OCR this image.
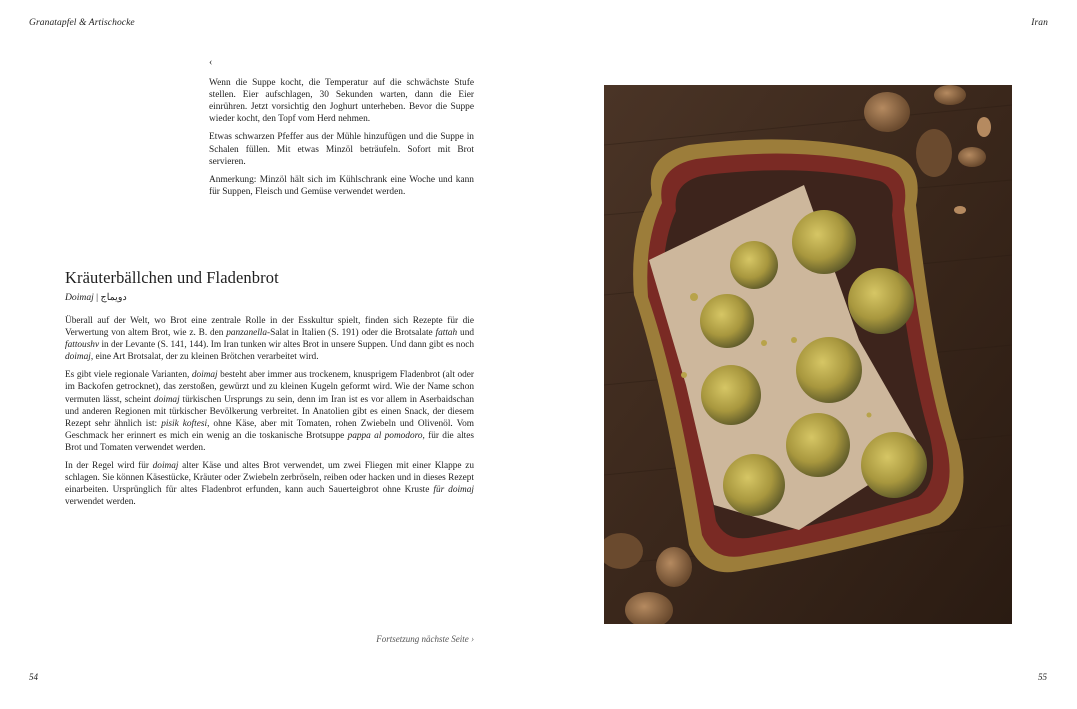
Granatapfel & Artischocke	Iran
‹

Wenn die Suppe kocht, die Temperatur auf die schwächste Stufe stellen. Eier aufschlagen, 30 Sekunden warten, dann die Eier einrühren. Jetzt vorsichtig den Joghurt unterheben. Bevor die Suppe wieder kocht, den Topf vom Herd nehmen.

Etwas schwarzen Pfeffer aus der Mühle hinzufügen und die Suppe in Schalen füllen. Mit etwas Minzöl beträufeln. Sofort mit Brot servieren.

Anmerkung: Minzöl hält sich im Kühlschrank eine Woche und kann für Suppen, Fleisch und Gemüse verwendet werden.

Kräuterbällchen und Fladenbrot
Doimaj | دویماج

Überall auf der Welt, wo Brot eine zentrale Rolle in der Esskultur spielt, finden sich Rezepte für die Verwertung von altem Brot, wie z. B. den panzanella-Salat in Italien (S. 191) oder die Brotsalate fattah und fattoushv in der Levante (S. 141, 144). Im Iran tunken wir altes Brot in unsere Suppen. Und dann gibt es noch doimaj, eine Art Brotsalat, der zu kleinen Brötchen verarbeitet wird.

Es gibt viele regionale Varianten, doimaj besteht aber immer aus trockenem, knusprigem Fladenbrot (alt oder im Backofen getrocknet), das zerstoßen, gewürzt und zu kleinen Kugeln geformt wird. Wie der Name schon vermuten lässt, scheint doimaj türkischen Ursprungs zu sein, denn im Iran ist es vor allem in Aserbaidschan und anderen Regionen mit türkischer Bevölkerung verbreitet. In Anatolien gibt es einen Snack, der diesem Rezept sehr ähnlich ist: pisik koftesi, ohne Käse, aber mit Tomaten, rohen Zwiebeln und Olivenöl. Vom Geschmack her erinnert es mich ein wenig an die toskanische Brotsuppe pappa al pomodoro, für die altes Brot und Tomaten verwendet werden.

In der Regel wird für doimaj alter Käse und altes Brot verwendet, um zwei Fliegen mit einer Klappe zu schlagen. Sie können Käsestücke, Kräuter oder Zwiebeln zerbröseln, reiben oder hacken und in dieses Rezept einarbeiten. Ursprünglich für altes Fladenbrot erfunden, kann auch Sauerteigbrot ohne Kruste für doimaj verwendet werden.

Fortsetzung nächste Seite ›
54	55
